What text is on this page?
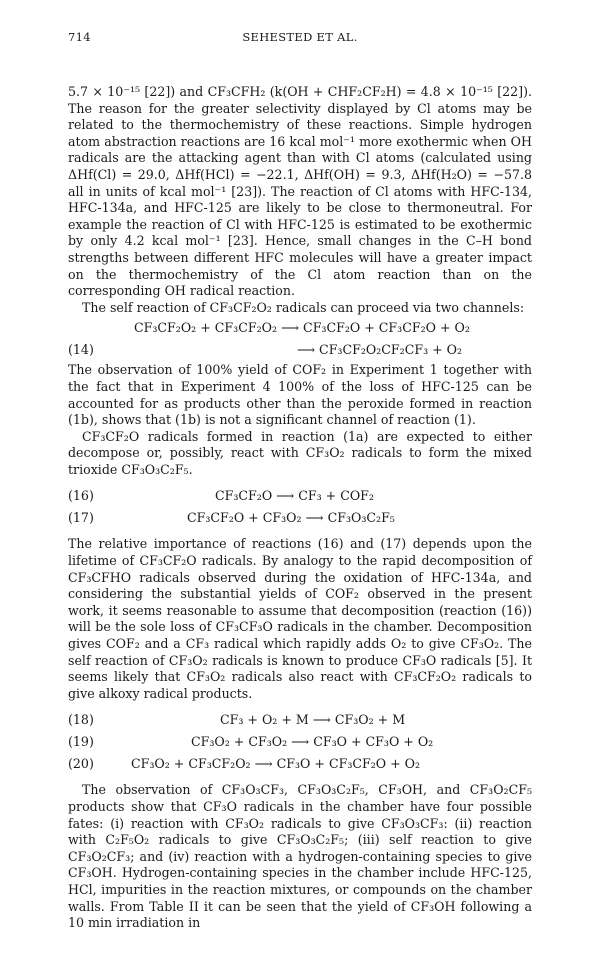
714	SEHESTED ET AL.

5.7 × 10⁻¹⁵ [22]) and CF₃CFH₂ (k(OH + CHF₂CF₂H) = 4.8 × 10⁻¹⁵ [22]). The reason for the greater selectivity displayed by Cl atoms may be related to the thermochemistry of these reactions. Simple hydrogen atom abstraction reactions are 16 kcal mol⁻¹ more exothermic when OH radicals are the attacking agent than with Cl atoms (calculated using ΔHf(Cl) = 29.0, ΔHf(HCl) = −22.1, ΔHf(OH) = 9.3, ΔHf(H₂O) = −57.8 all in units of kcal mol⁻¹ [23]). The reaction of Cl atoms with HFC-134, HFC-134a, and HFC-125 are likely to be close to thermoneutral. For example the reaction of Cl with HFC-125 is estimated to be exothermic by only 4.2 kcal mol⁻¹ [23]. Hence, small changes in the C–H bond strengths between different HFC molecules will have a greater impact on the thermochemistry of the Cl atom reaction than on the corresponding OH radical reaction.

The self reaction of CF₃CF₂O₂ radicals can proceed via two channels:

CF₃CF₂O₂ + CF₃CF₂O₂ ⟶ CF₃CF₂O + CF₃CF₂O + O₂
(14)	⟶ CF₃CF₂O₂CF₂CF₃ + O₂

The observation of 100% yield of COF₂ in Experiment 1 together with the fact that in Experiment 4 100% of the loss of HFC-125 can be accounted for as products other than the peroxide formed in reaction (1b), shows that (1b) is not a significant channel of reaction (1).

CF₃CF₂O radicals formed in reaction (1a) are expected to either decompose or, possibly, react with CF₃O₂ radicals to form the mixed trioxide CF₃O₃C₂F₅.

(16)	CF₃CF₂O ⟶ CF₃ + COF₂
(17)	CF₃CF₂O + CF₃O₂ ⟶ CF₃O₃C₂F₅

The relative importance of reactions (16) and (17) depends upon the lifetime of CF₃CF₂O radicals. By analogy to the rapid decomposition of CF₃CFHO radicals observed during the oxidation of HFC-134a, and considering the substantial yields of COF₂ observed in the present work, it seems reasonable to assume that decomposition (reaction (16)) will be the sole loss of CF₃CF₃O radicals in the chamber. Decomposition gives COF₂ and a CF₃ radical which rapidly adds O₂ to give CF₃O₂. The self reaction of CF₃O₂ radicals is known to produce CF₃O radicals [5]. It seems likely that CF₃O₂ radicals also react with CF₃CF₂O₂ radicals to give alkoxy radical products.

(18)	CF₃ + O₂ + M ⟶ CF₃O₂ + M
(19)	CF₃O₂ + CF₃O₂ ⟶ CF₃O + CF₃O + O₂
(20)	CF₃O₂ + CF₃CF₂O₂ ⟶ CF₃O + CF₃CF₂O + O₂

The observation of CF₃O₃CF₃, CF₃O₃C₂F₅, CF₃OH, and CF₃O₂CF₅ products show that CF₃O radicals in the chamber have four possible fates: (i) reaction with CF₃O₂ radicals to give CF₃O₃CF₃: (ii) reaction with C₂F₅O₂ radicals to give CF₃O₃C₂F₅; (iii) self reaction to give CF₃O₂CF₃; and (iv) reaction with a hydrogen-containing species to give CF₃OH. Hydrogen-containing species in the chamber include HFC-125, HCl, impurities in the reaction mixtures, or compounds on the chamber walls. From Table II it can be seen that the yield of CF₃OH following a 10 min irradiation in
